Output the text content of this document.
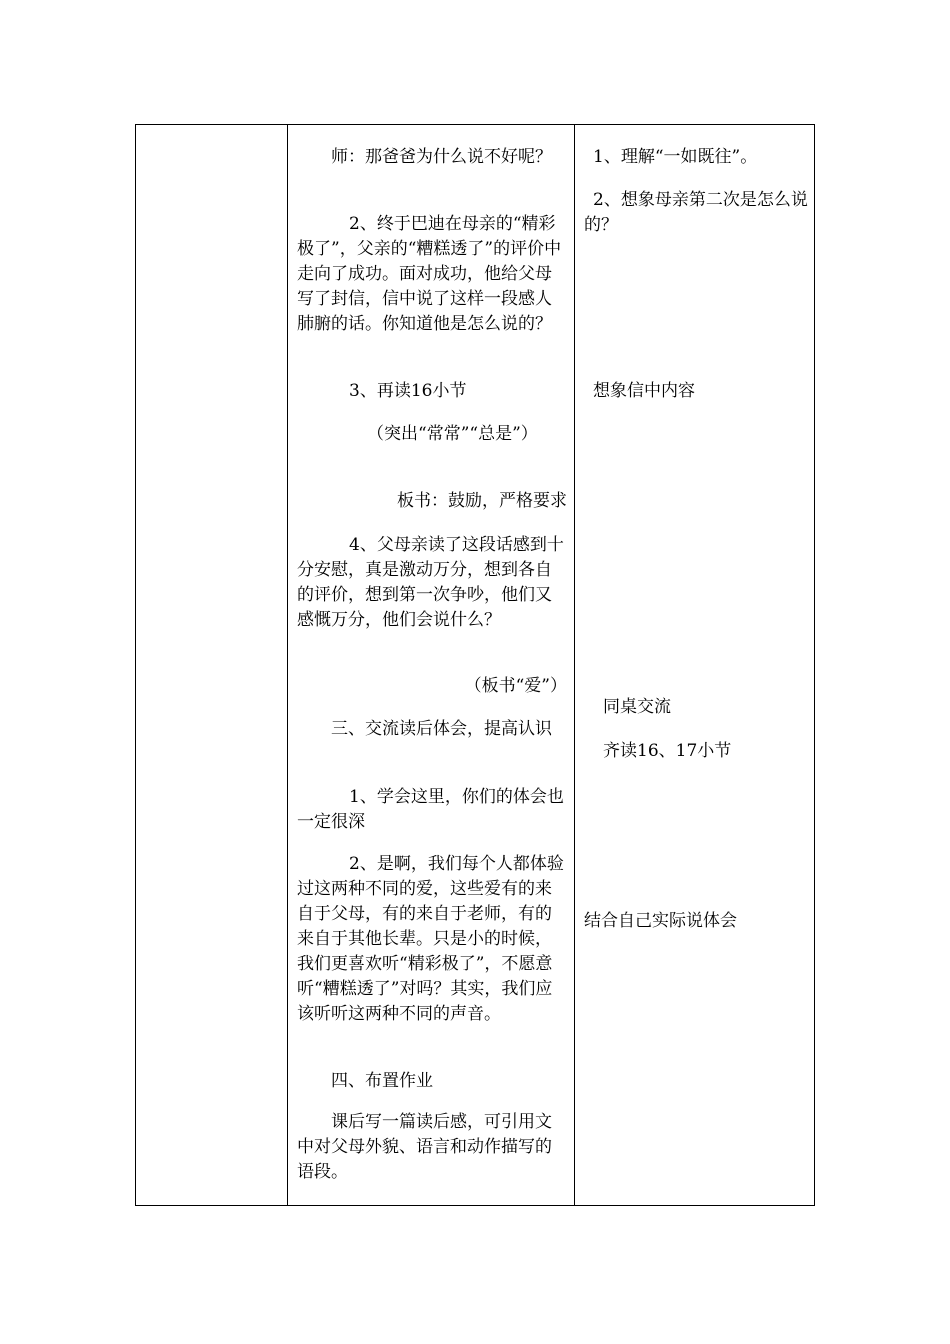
师：那爸爸为什么说不好呢？

2、终于巴迪在母亲的“精彩极了”，父亲的“糟糕透了”的评价中走向了成功。面对成功，他给父母写了封信，信中说了这样一段感人肺腑的话。你知道他是怎么说的？

3、再读16小节

（突出“常常”“总是”）

板书：鼓励，严格要求

4、父母亲读了这段话感到十分安慰，真是激动万分，想到各自的评价，想到第一次争吵，他们又感慨万分，他们会说什么？

（板书“爱”）

三、交流读后体会，提高认识

1、学会这里，你们的体会也一定很深

2、是啊，我们每个人都体验过这两种不同的爱，这些爱有的来自于父母，有的来自于老师，有的来自于其他长辈。只是小的时候，我们更喜欢听“精彩极了”，不愿意听“糟糕透了”对吗？其实，我们应该听听这两种不同的声音。

四、布置作业

课后写一篇读后感，可引用文中对父母外貌、语言和动作描写的语段。

1、理解“一如既往”。

2、想象母亲第二次是怎么说的？

想象信中内容

同桌交流

齐读16、17小节

结合自己实际说体会
